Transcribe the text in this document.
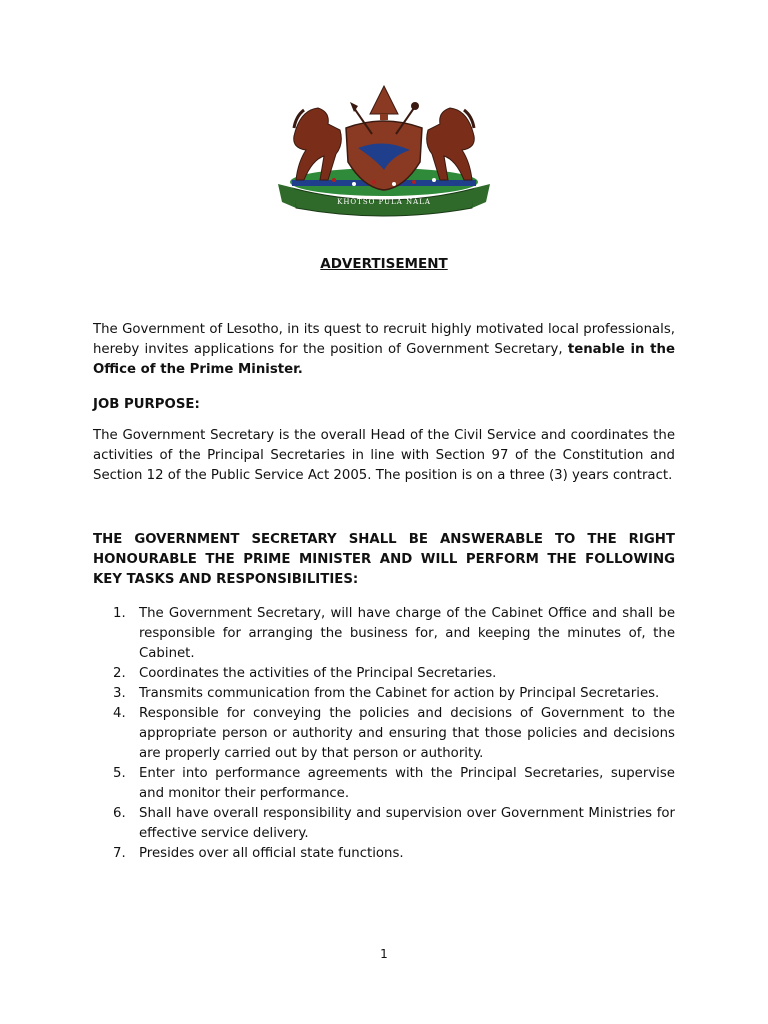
KHOTSO PULA NALA
ADVERTISEMENT
The Government of Lesotho, in its quest to recruit highly motivated local professionals, hereby invites applications for the position of Government Secretary, tenable in the Office of the Prime Minister.
JOB PURPOSE:
The Government Secretary is the overall Head of the Civil Service and coordinates the activities of the Principal Secretaries in line with Section 97 of the Constitution and Section 12 of the Public Service Act 2005. The position is on a three (3) years contract.
THE GOVERNMENT SECRETARY SHALL BE ANSWERABLE TO THE RIGHT HONOURABLE THE PRIME MINISTER AND WILL PERFORM THE FOLLOWING KEY TASKS AND RESPONSIBILITIES:
1. The Government Secretary, will have charge of the Cabinet Office and shall be responsible for arranging the business for, and keeping the minutes of, the Cabinet.
2. Coordinates the activities of the Principal Secretaries.
3. Transmits communication from the Cabinet for action by Principal Secretaries.
4. Responsible for conveying the policies and decisions of Government to the appropriate person or authority and ensuring that those policies and decisions are properly carried out by that person or authority.
5. Enter into performance agreements with the Principal Secretaries, supervise and monitor their performance.
6. Shall have overall responsibility and supervision over Government Ministries for effective service delivery.
7. Presides over all official state functions.
1
